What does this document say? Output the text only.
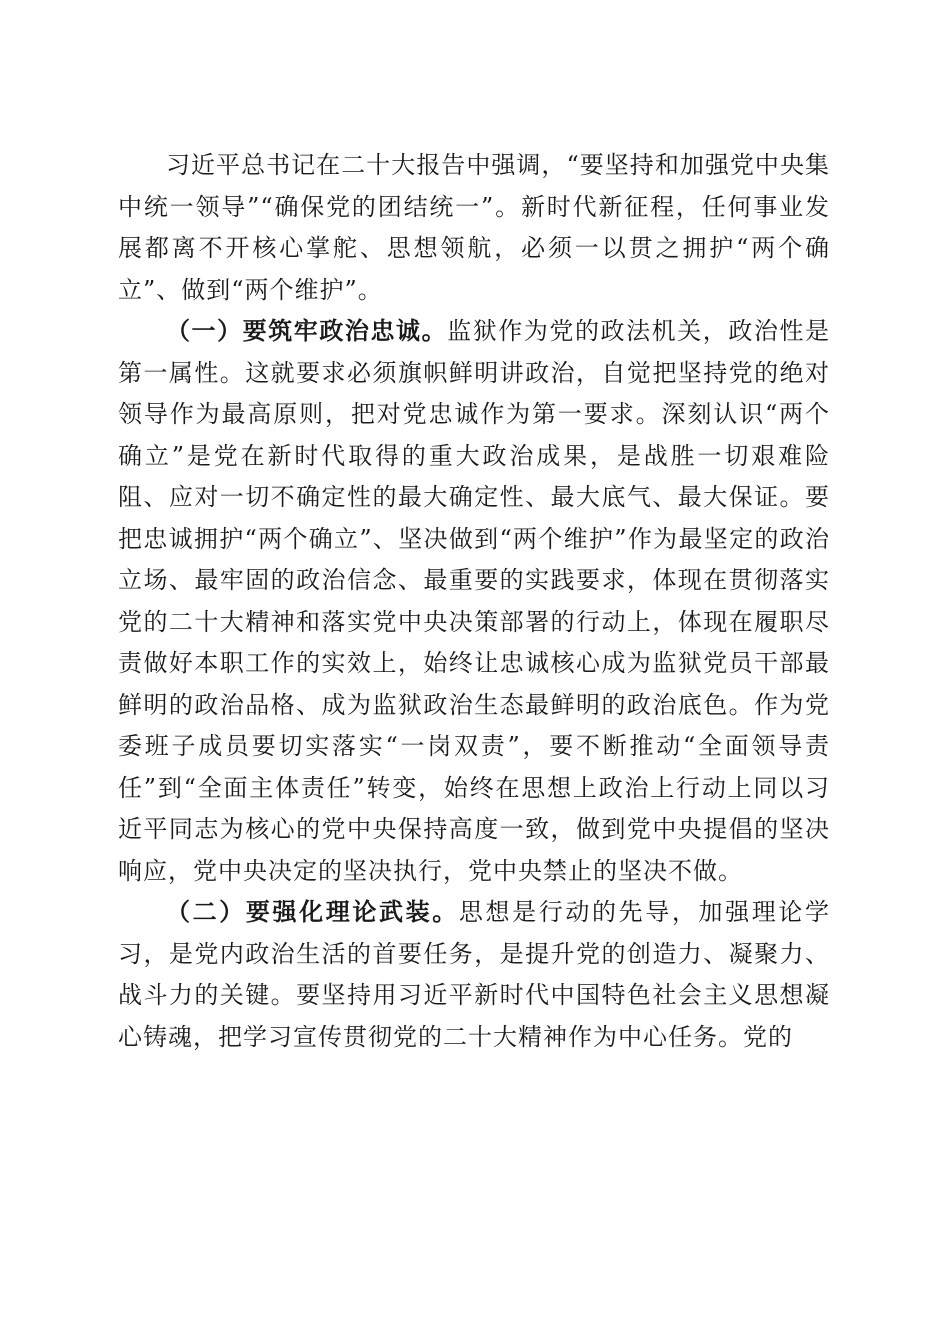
习近平总书记在二十大报告中强调，“要坚持和加强党中央集中统一领导”“确保党的团结统一”。新时代新征程，任何事业发展都离不开核心掌舵、思想领航，必须一以贯之拥护“两个确立”、做到“两个维护”。

（一）要筑牢政治忠诚。监狱作为党的政法机关，政治性是第一属性。这就要求必须旗帜鲜明讲政治，自觉把坚持党的绝对领导作为最高原则，把对党忠诚作为第一要求。深刻认识“两个确立”是党在新时代取得的重大政治成果，是战胜一切艰难险阻、应对一切不确定性的最大确定性、最大底气、最大保证。要把忠诚拥护“两个确立”、坚决做到“两个维护”作为最坚定的政治立场、最牢固的政治信念、最重要的实践要求，体现在贯彻落实党的二十大精神和落实党中央决策部署的行动上，体现在履职尽责做好本职工作的实效上，始终让忠诚核心成为监狱党员干部最鲜明的政治品格、成为监狱政治生态最鲜明的政治底色。作为党委班子成员要切实落实“一岗双责”，要不断推动“全面领导责任”到“全面主体责任”转变，始终在思想上政治上行动上同以习近平同志为核心的党中央保持高度一致，做到党中央提倡的坚决响应，党中央决定的坚决执行，党中央禁止的坚决不做。

（二）要强化理论武装。思想是行动的先导，加强理论学习，是党内政治生活的首要任务，是提升党的创造力、凝聚力、战斗力的关键。要坚持用习近平新时代中国特色社会主义思想凝心铸魂，把学习宣传贯彻党的二十大精神作为中心任务。党的
